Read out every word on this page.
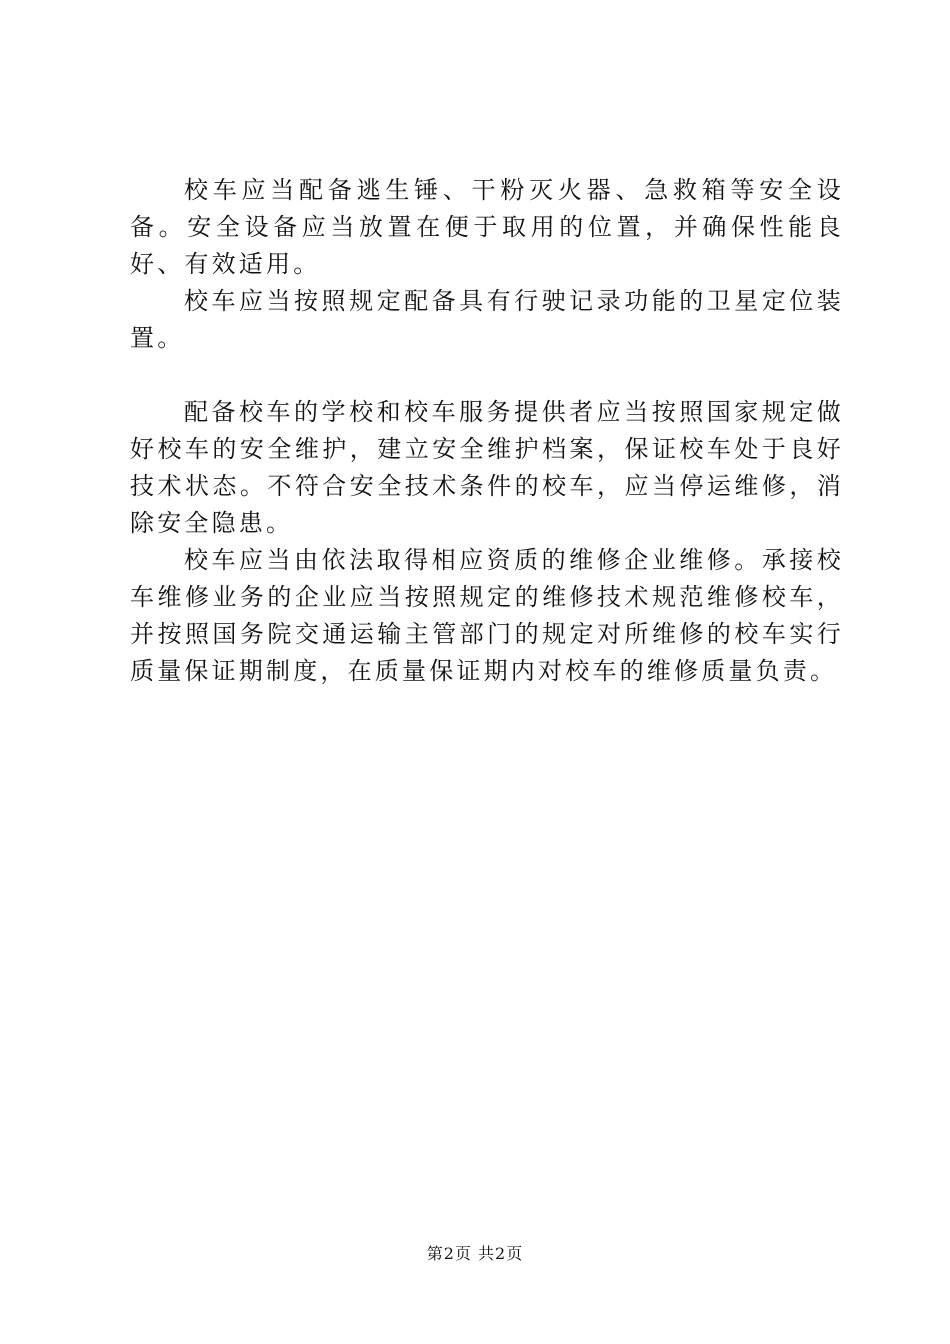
校车应当配备逃生锤、干粉灭火器、急救箱等安全设备。安全设备应当放置在便于取用的位置，并确保性能良好、有效适用。

校车应当按照规定配备具有行驶记录功能的卫星定位装置。

配备校车的学校和校车服务提供者应当按照国家规定做好校车的安全维护，建立安全维护档案，保证校车处于良好技术状态。不符合安全技术条件的校车，应当停运维修，消除安全隐患。

校车应当由依法取得相应资质的维修企业维修。承接校车维修业务的企业应当按照规定的维修技术规范维修校车，并按照国务院交通运输主管部门的规定对所维修的校车实行质量保证期制度，在质量保证期内对校车的维修质量负责。

第2页 共2页
